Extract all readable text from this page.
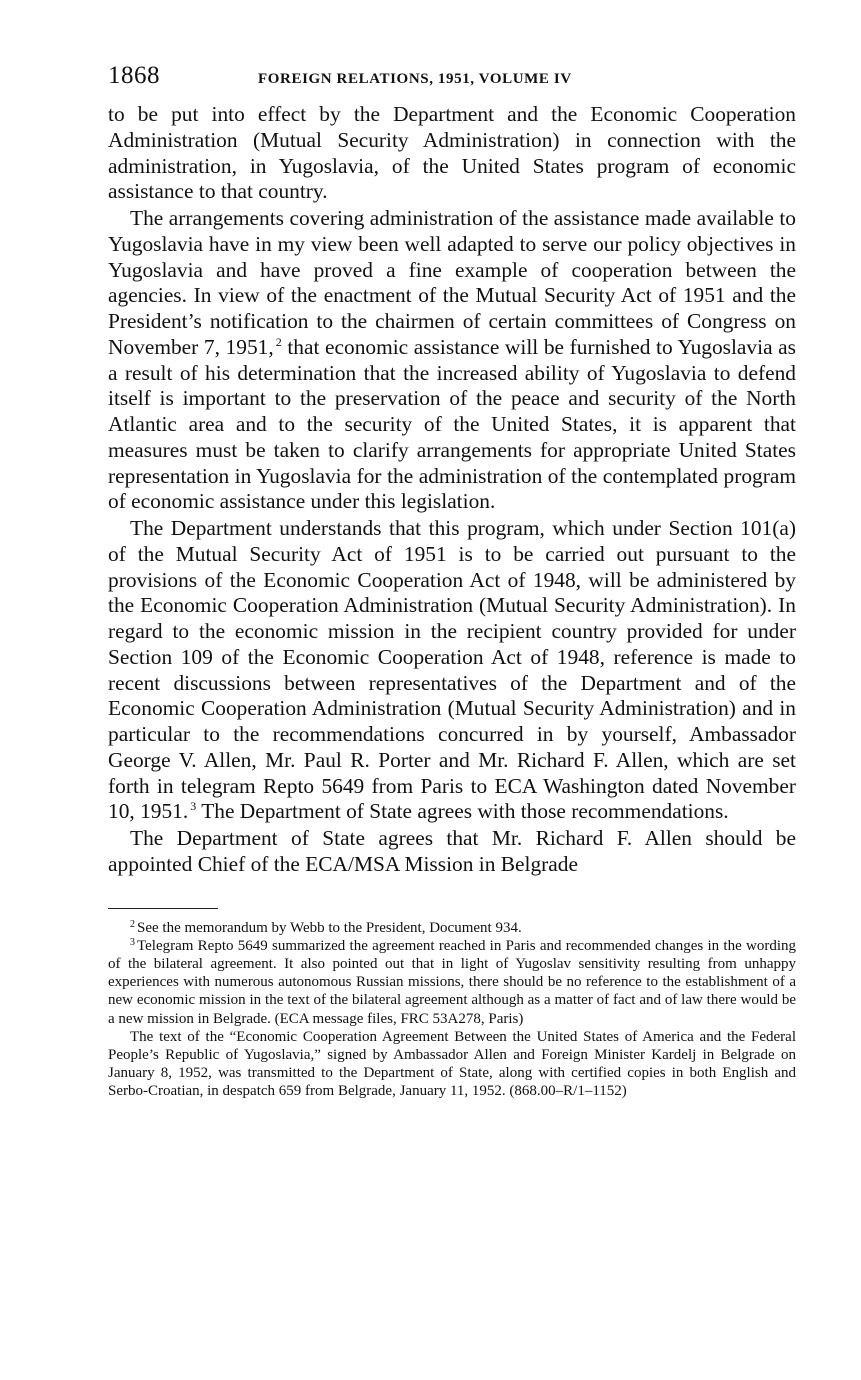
1868	FOREIGN RELATIONS, 1951, VOLUME IV

to be put into effect by the Department and the Economic Cooperation Administration (Mutual Security Administration) in connection with the administration, in Yugoslavia, of the United States program of economic assistance to that country.

The arrangements covering administration of the assistance made available to Yugoslavia have in my view been well adapted to serve our policy objectives in Yugoslavia and have proved a fine example of cooperation between the agencies. In view of the enactment of the Mutual Security Act of 1951 and the President’s notification to the chairmen of certain committees of Congress on November 7, 1951, $^2$ that economic assistance will be furnished to Yugoslavia as a result of his determination that the increased ability of Yugoslavia to defend itself is important to the preservation of the peace and security of the North Atlantic area and to the security of the United States, it is apparent that measures must be taken to clarify arrangements for appropriate United States representation in Yugoslavia for the administration of the contemplated program of economic assistance under this legislation.

The Department understands that this program, which under Section 101(a) of the Mutual Security Act of 1951 is to be carried out pursuant to the provisions of the Economic Cooperation Act of 1948, will be administered by the Economic Cooperation Administration (Mutual Security Administration). In regard to the economic mission in the recipient country provided for under Section 109 of the Economic Cooperation Act of 1948, reference is made to recent discussions between representatives of the Department and of the Economic Cooperation Administration (Mutual Security Administration) and in particular to the recommendations concurred in by yourself, Ambassador George V. Allen, Mr. Paul R. Porter and Mr. Richard F. Allen, which are set forth in telegram Repto 5649 from Paris to ECA Washington dated November 10, 1951. $^3$ The Department of State agrees with those recommendations.

The Department of State agrees that Mr. Richard F. Allen should be appointed Chief of the ECA/MSA Mission in Belgrade

$^2$ See the memorandum by Webb to the President, Document 934.

$^3$ Telegram Repto 5649 summarized the agreement reached in Paris and recommended changes in the wording of the bilateral agreement. It also pointed out that in light of Yugoslav sensitivity resulting from unhappy experiences with numerous autonomous Russian missions, there should be no reference to the establishment of a new economic mission in the text of the bilateral agreement although as a matter of fact and of law there would be a new mission in Belgrade. (ECA message files, FRC 53A278, Paris)

The text of the “Economic Cooperation Agreement Between the United States of America and the Federal People’s Republic of Yugoslavia,” signed by Ambassador Allen and Foreign Minister Kardelj in Belgrade on January 8, 1952, was transmitted to the Department of State, along with certified copies in both English and Serbo-Croatian, in despatch 659 from Belgrade, January 11, 1952. (868.00–R/1–1152)
